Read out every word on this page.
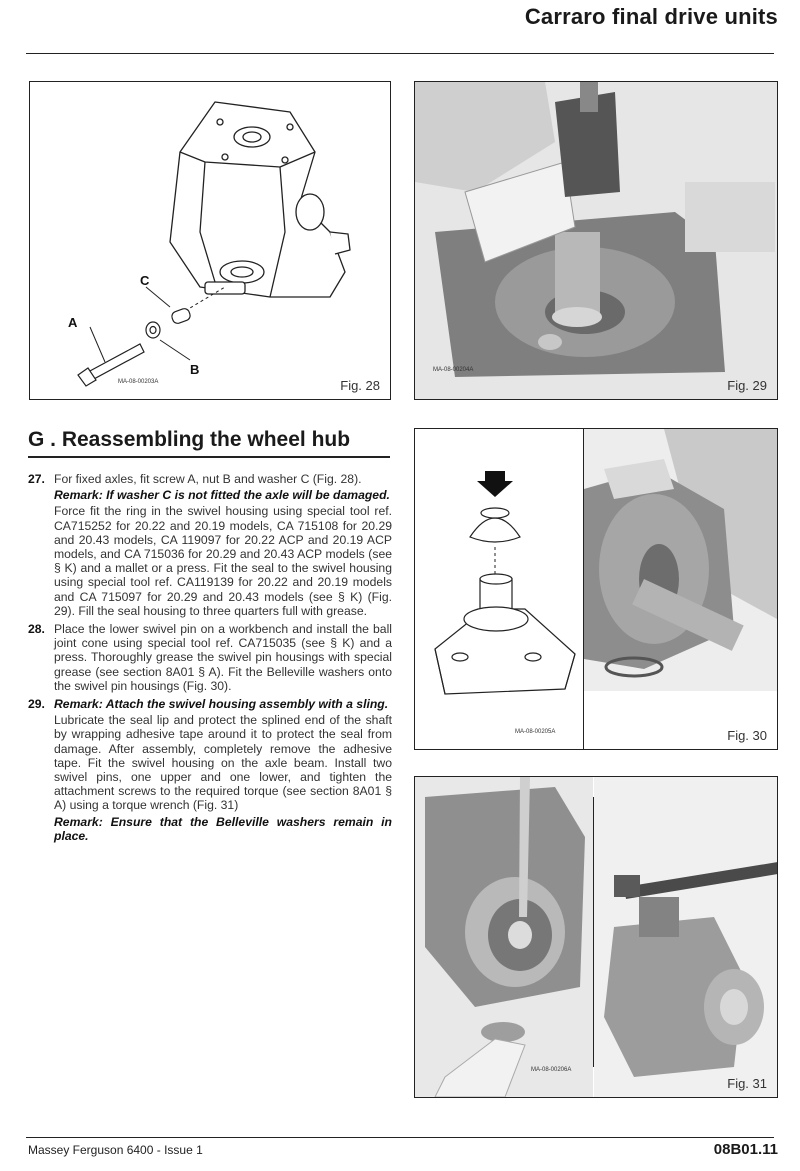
Carraro final drive units
C
A
B
MA-08-00203A	Fig. 28
MA-08-00204A
Fig. 29
G . Reassembling the wheel hub
MA-08-00205A	Fig. 30
MA-08-00206A
Fig. 31
27. For fixed axles, fit screw A, nut B and washer C (Fig. 28).

Remark: If washer C is not fitted the axle will be damaged.

Force fit the ring in the swivel housing using special tool ref. CA715252 for 20.22 and 20.19 models, CA 715108 for 20.29 and 20.43 models, CA 119097 for 20.22 ACP and 20.19 ACP models, and CA 715036 for 20.29 and 20.43 ACP models (see § K) and a mallet or a press. Fit the seal to the swivel housing using special tool ref. CA119139 for 20.22 and 20.19 models and CA 715097 for 20.29 and 20.43 models (see § K) (Fig. 29). Fill the seal housing to three quarters full with grease.

28. Place the lower swivel pin on a workbench and install the ball joint cone using special tool ref. CA715035 (see § K) and a press. Thoroughly grease the swivel pin housings with special grease (see section 8A01 § A). Fit the Belleville washers onto the swivel pin housings (Fig. 30).

29. Remark: Attach the swivel housing assembly with a sling.

Lubricate the seal lip and protect the splined end of the shaft by wrapping adhesive tape around it to protect the seal from damage. After assembly, completely remove the adhesive tape. Fit the swivel housing on the axle beam. Install two swivel pins, one upper and one lower, and tighten the attachment screws to the required torque (see section 8A01 § A) using a torque wrench (Fig. 31)

Remark: Ensure that the Belleville washers remain in place.

Massey Ferguson 6400 - Issue 1	08B01.11
